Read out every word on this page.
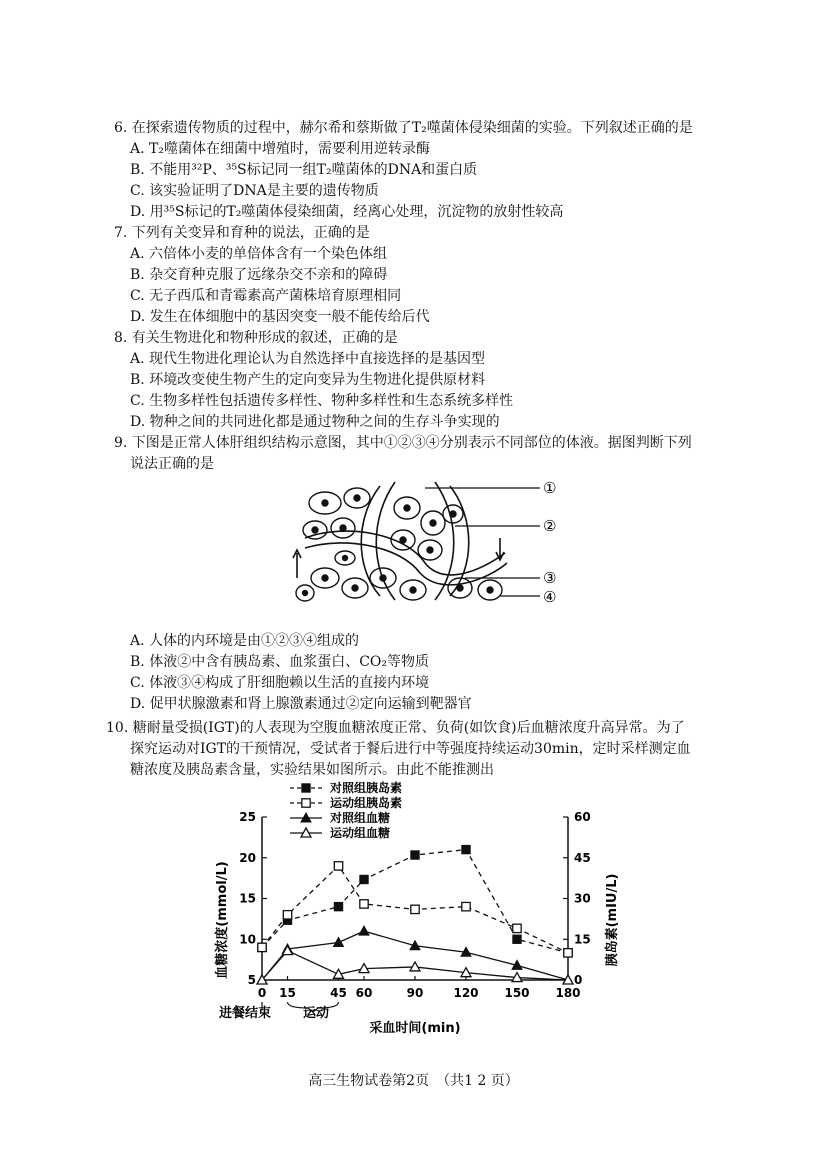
6. 在探索遗传物质的过程中，赫尔希和蔡斯做了T₂噬菌体侵染细菌的实验。下列叙述正确的是
A. T₂噬菌体在细菌中增殖时，需要利用逆转录酶
B. 不能用³²P、³⁵S标记同一组T₂噬菌体的DNA和蛋白质
C. 该实验证明了DNA是主要的遗传物质
D. 用³⁵S标记的T₂噬菌体侵染细菌，经离心处理，沉淀物的放射性较高
7. 下列有关变异和育种的说法，正确的是
A. 六倍体小麦的单倍体含有一个染色体组
B. 杂交育种克服了远缘杂交不亲和的障碍
C. 无子西瓜和青霉素高产菌株培育原理相同
D. 发生在体细胞中的基因突变一般不能传给后代
8. 有关生物进化和物种形成的叙述，正确的是
A. 现代生物进化理论认为自然选择中直接选择的是基因型
B. 环境改变使生物产生的定向变异为生物进化提供原材料
C. 生物多样性包括遗传多样性、物种多样性和生态系统多样性
D. 物种之间的共同进化都是通过物种之间的生存斗争实现的
9. 下图是正常人体肝组织结构示意图，其中①②③④分别表示不同部位的体液。据图判断下列
说法正确的是
①
②
③
④
A. 人体的内环境是由①②③④组成的
B. 体液②中含有胰岛素、血浆蛋白、CO₂等物质
C. 体液③④构成了肝细胞赖以生活的直接内环境
D. 促甲状腺激素和肾上腺激素通过②定向运输到靶器官
10. 糖耐量受损(IGT)的人表现为空腹血糖浓度正常、负荷(如饮食)后血糖浓度升高异常。为了
探究运动对IGT的干预情况，受试者于餐后进行中等强度持续运动30min，定时采样测定血
糖浓度及胰岛素含量，实验结果如图所示。由此不能推测出
对照组胰岛素
运动组胰岛素
对照组血糖
运动组血糖
5
10
15
20
25
0
15
30
45
60
0 15	45 60	90	120 150 180
血糖浓度(mmol/L)	胰岛素(mIU/L)
采血时间(min)
进餐结束 运动
高三生物试卷第2页　（共1 2 页）
